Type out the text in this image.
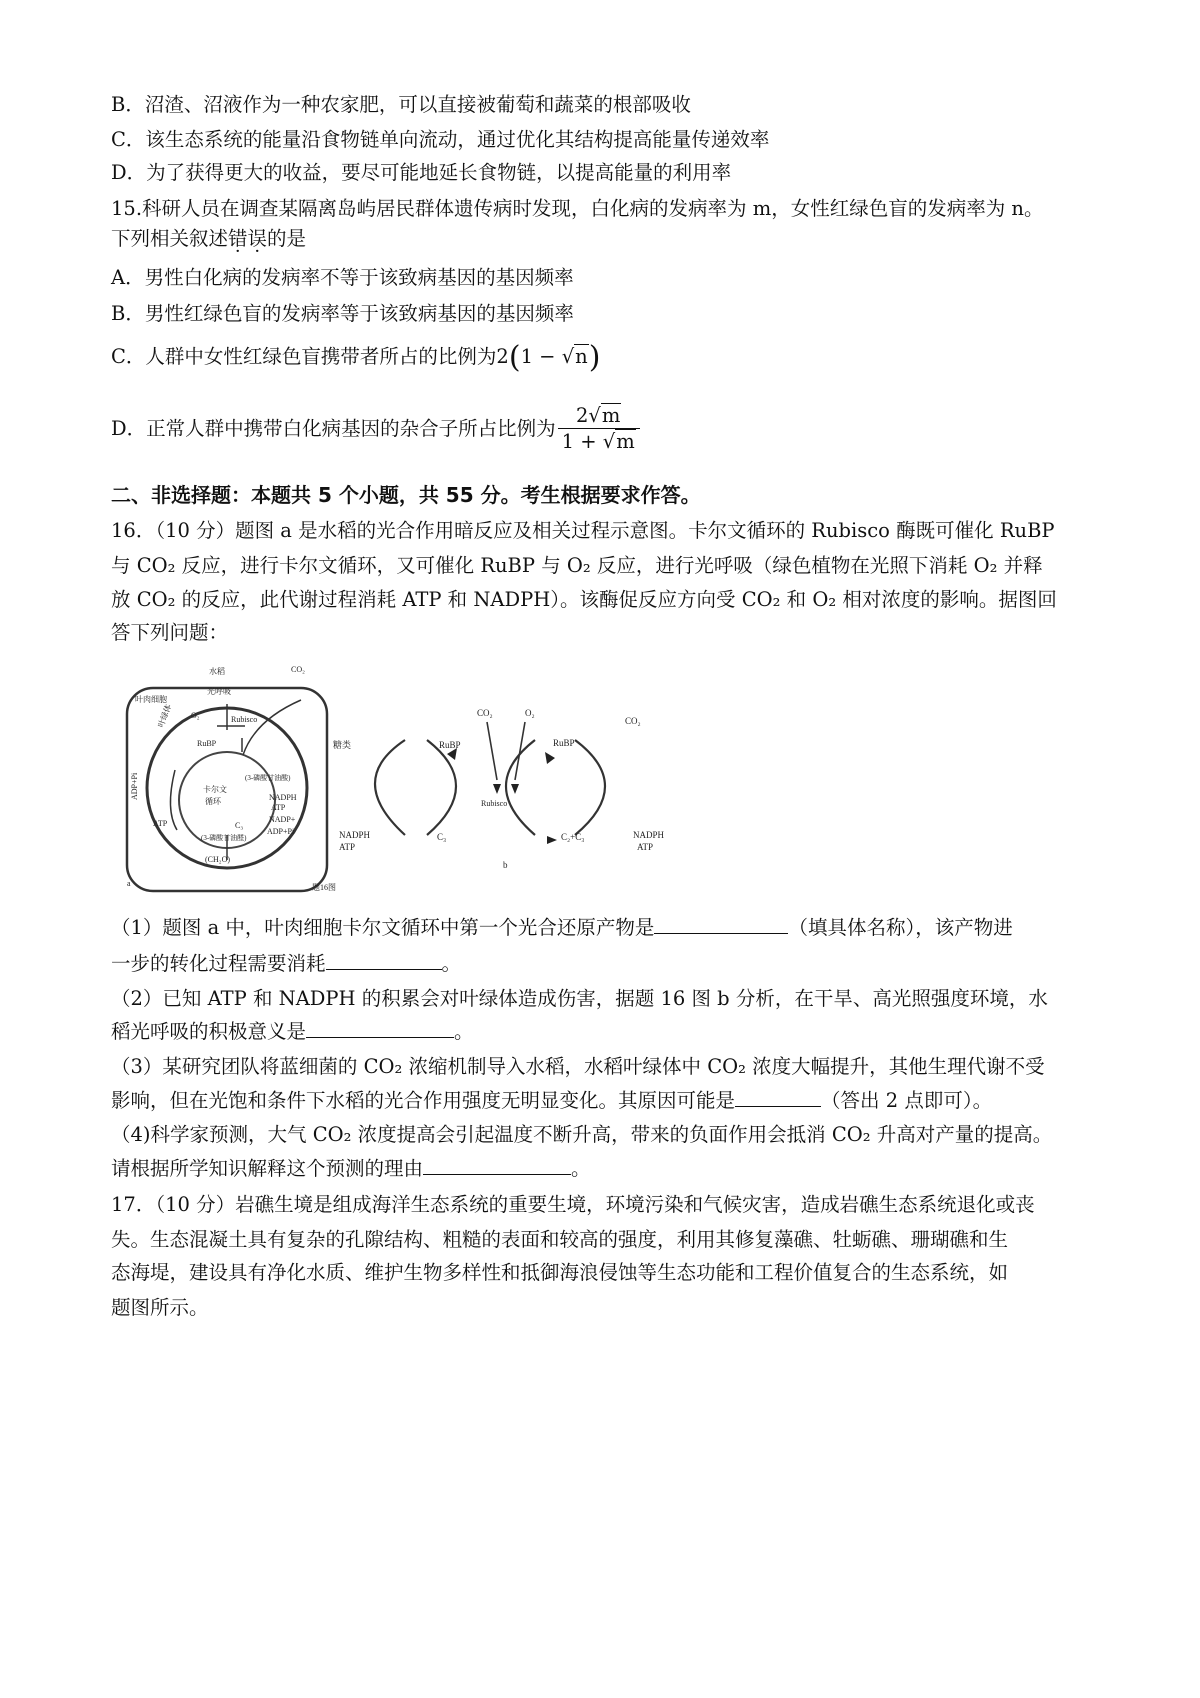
B．沼渣、沼液作为一种农家肥，可以直接被葡萄和蔬菜的根部吸收
C．该生态系统的能量沿食物链单向流动，通过优化其结构提高能量传递效率
D．为了获得更大的收益，要尽可能地延长食物链，以提高能量的利用率
15.科研人员在调查某隔离岛屿居民群体遗传病时发现，白化病的发病率为 m，女性红绿色盲的发病率为 n。
下列相关叙述错误的是
A．男性白化病的发病率不等于该致病基因的基因频率
B．男性红绿色盲的发病率等于该致病基因的基因频率
C．人群中女性红绿色盲携带者所占的比例为2(1 − √n)
D．正常人群中携带白化病基因的杂合子所占比例为 $\frac{2√m}{1 + √m}$
二、非选择题：本题共 5 个小题，共 55 分。考生根据要求作答。
16．（10 分）题图 a 是水稻的光合作用暗反应及相关过程示意图。卡尔文循环的 Rubisco 酶既可催化 RuBP
与 CO₂ 反应，进行卡尔文循环，又可催化 RuBP 与 O₂ 反应，进行光呼吸（绿色植物在光照下消耗 O₂ 并释
放 CO₂ 的反应，此代谢过程消耗 ATP 和 NADPH）。该酶促反应方向受 CO₂ 和 O₂ 相对浓度的影响。据图回
答下列问题：
水稻	CO₂
光呼吸
叶肉细胞
O₂	Rubisco
RuBP
叶绿体
卡尔文
循环
(3-磷酸甘油酸)
NADPH
ATP
NADP+
ADP+Pi
C₃
(3-磷酸甘油醛)
(CH₂O)
ADP+Pi
ATP
a
糖类	RuBP
CO₂	O₂
RuBP
CO₂
Rubisco
NADPH
ATP
C₃	C₂+C₃	NADPH
ATP
b
题16图
（1）题图 a 中，叶肉细胞卡尔文循环中第一个光合还原产物是	（填具体名称），该产物进
一步的转化过程需要消耗	。
（2）已知 ATP 和 NADPH 的积累会对叶绿体造成伤害，据题 16 图 b 分析，在干旱、高光照强度环境，水
稻光呼吸的积极意义是	。
（3）某研究团队将蓝细菌的 CO₂ 浓缩机制导入水稻，水稻叶绿体中 CO₂ 浓度大幅提升，其他生理代谢不受
影响，但在光饱和条件下水稻的光合作用强度无明显变化。其原因可能是	（答出 2 点即可）。
（4)科学家预测，大气 CO₂ 浓度提高会引起温度不断升高，带来的负面作用会抵消 CO₂ 升高对产量的提高。
请根据所学知识解释这个预测的理由	。
17．（10 分）岩礁生境是组成海洋生态系统的重要生境，环境污染和气候灾害，造成岩礁生态系统退化或丧
失。生态混凝土具有复杂的孔隙结构、粗糙的表面和较高的强度，利用其修复藻礁、牡蛎礁、珊瑚礁和生
态海堤，建设具有净化水质、维护生物多样性和抵御海浪侵蚀等生态功能和工程价值复合的生态系统，如
题图所示。
